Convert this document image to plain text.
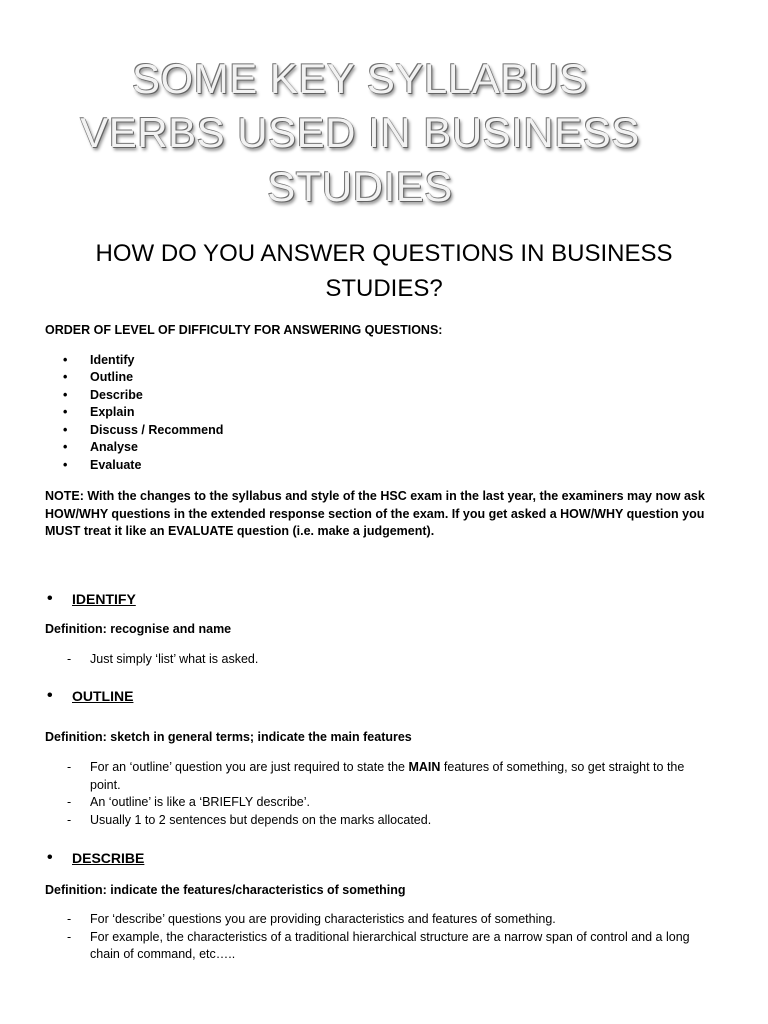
SOME KEY SYLLABUS
VERBS USED IN BUSINESS
STUDIES
HOW DO YOU ANSWER QUESTIONS IN BUSINESS
STUDIES?
ORDER OF LEVEL OF DIFFICULTY FOR ANSWERING QUESTIONS:
• Identify
• Outline
• Describe
• Explain
• Discuss / Recommend
• Analyse
• Evaluate
NOTE: With the changes to the syllabus and style of the HSC exam in the last year, the examiners may now ask HOW/WHY questions in the extended response section of the exam. If you get asked a HOW/WHY question you MUST treat it like an EVALUATE question (i.e. make a judgement).
• IDENTIFY
Definition: recognise and name
- Just simply ‘list’ what is asked.
• OUTLINE
Definition: sketch in general terms; indicate the main features
- For an ‘outline’ question you are just required to state the MAIN features of something, so get straight to the point.
- An ‘outline’ is like a ‘BRIEFLY describe’.
- Usually 1 to 2 sentences but depends on the marks allocated.
• DESCRIBE
Definition: indicate the features/characteristics of something
- For ‘describe’ questions you are providing characteristics and features of something.
- For example, the characteristics of a traditional hierarchical structure are a narrow span of control and a long chain of command, etc…..
